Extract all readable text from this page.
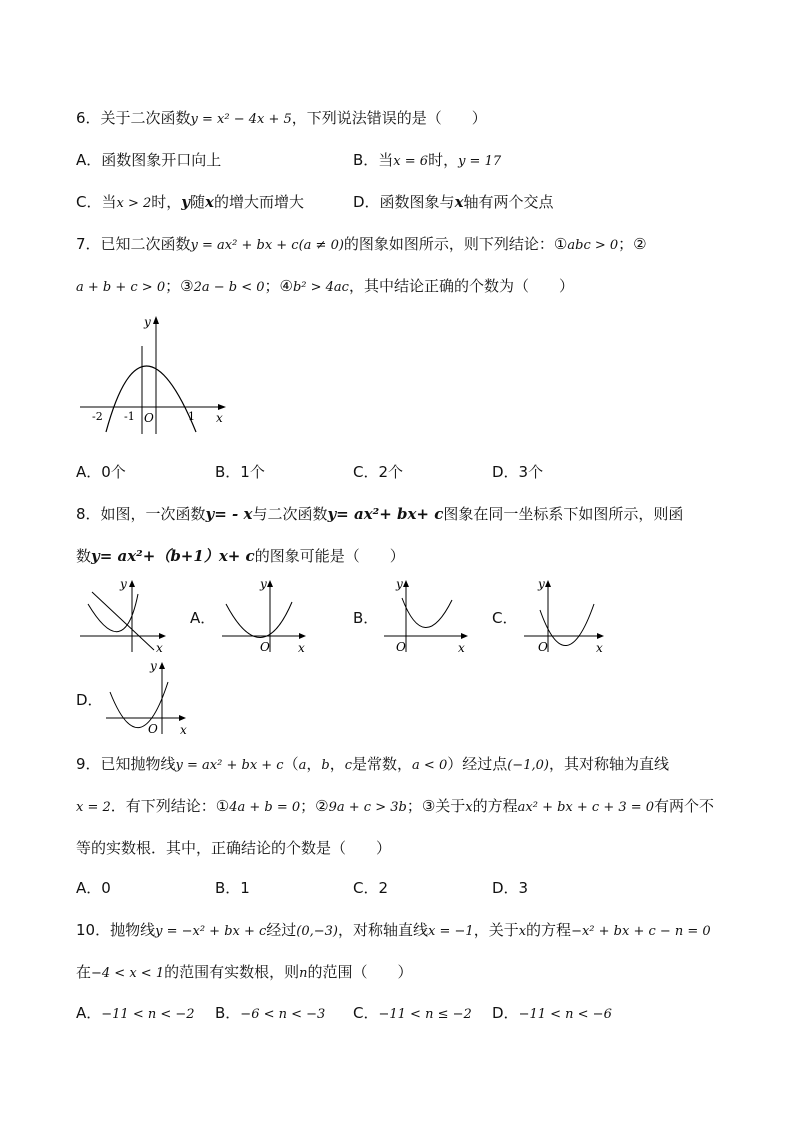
6．关于二次函数y = x² − 4x + 5，下列说法错误的是（　　）
A．函数图象开口向上	B．当x = 6时，y = 17
C．当x > 2时，y随x的增大而增大	D．函数图象与x轴有两个交点
7．已知二次函数y = ax² + bx + c(a ≠ 0)的图象如图所示，则下列结论：①abc > 0；②
a + b + c > 0；③2a − b < 0；④b² > 4ac，其中结论正确的个数为（　　）
y
x
O
-2 -1	1
A．0个	B．1个	C．2个	D．3个
8．如图，一次函数y= - x与二次函数y= ax²+ bx+ c图象在同一坐标系下如图所示，则函
数y= ax²+（b+1）x+ c的图象可能是（　　）
y
x
A．
y
x
O
B．
y
x
O
C．
y
x
O
D．
y
x
O
9．已知抛物线y = ax² + bx + c（a，b，c是常数，a < 0）经过点(−1,0)，其对称轴为直线
x = 2．有下列结论：①4a + b = 0；②9a + c > 3b；③关于x的方程ax² + bx + c + 3 = 0有两个不
等的实数根．其中，正确结论的个数是（　　）
A．0	B．1	C．2	D．3
10．抛物线y = −x² + bx + c经过(0,−3)，对称轴直线x = −1，关于x的方程−x² + bx + c − n = 0
在−4 < x < 1的范围有实数根，则n的范围（　　）
A．−11 < n < −2 B．−6 < n < −3 C．−11 < n ≤ −2 D．−11 < n < −6
